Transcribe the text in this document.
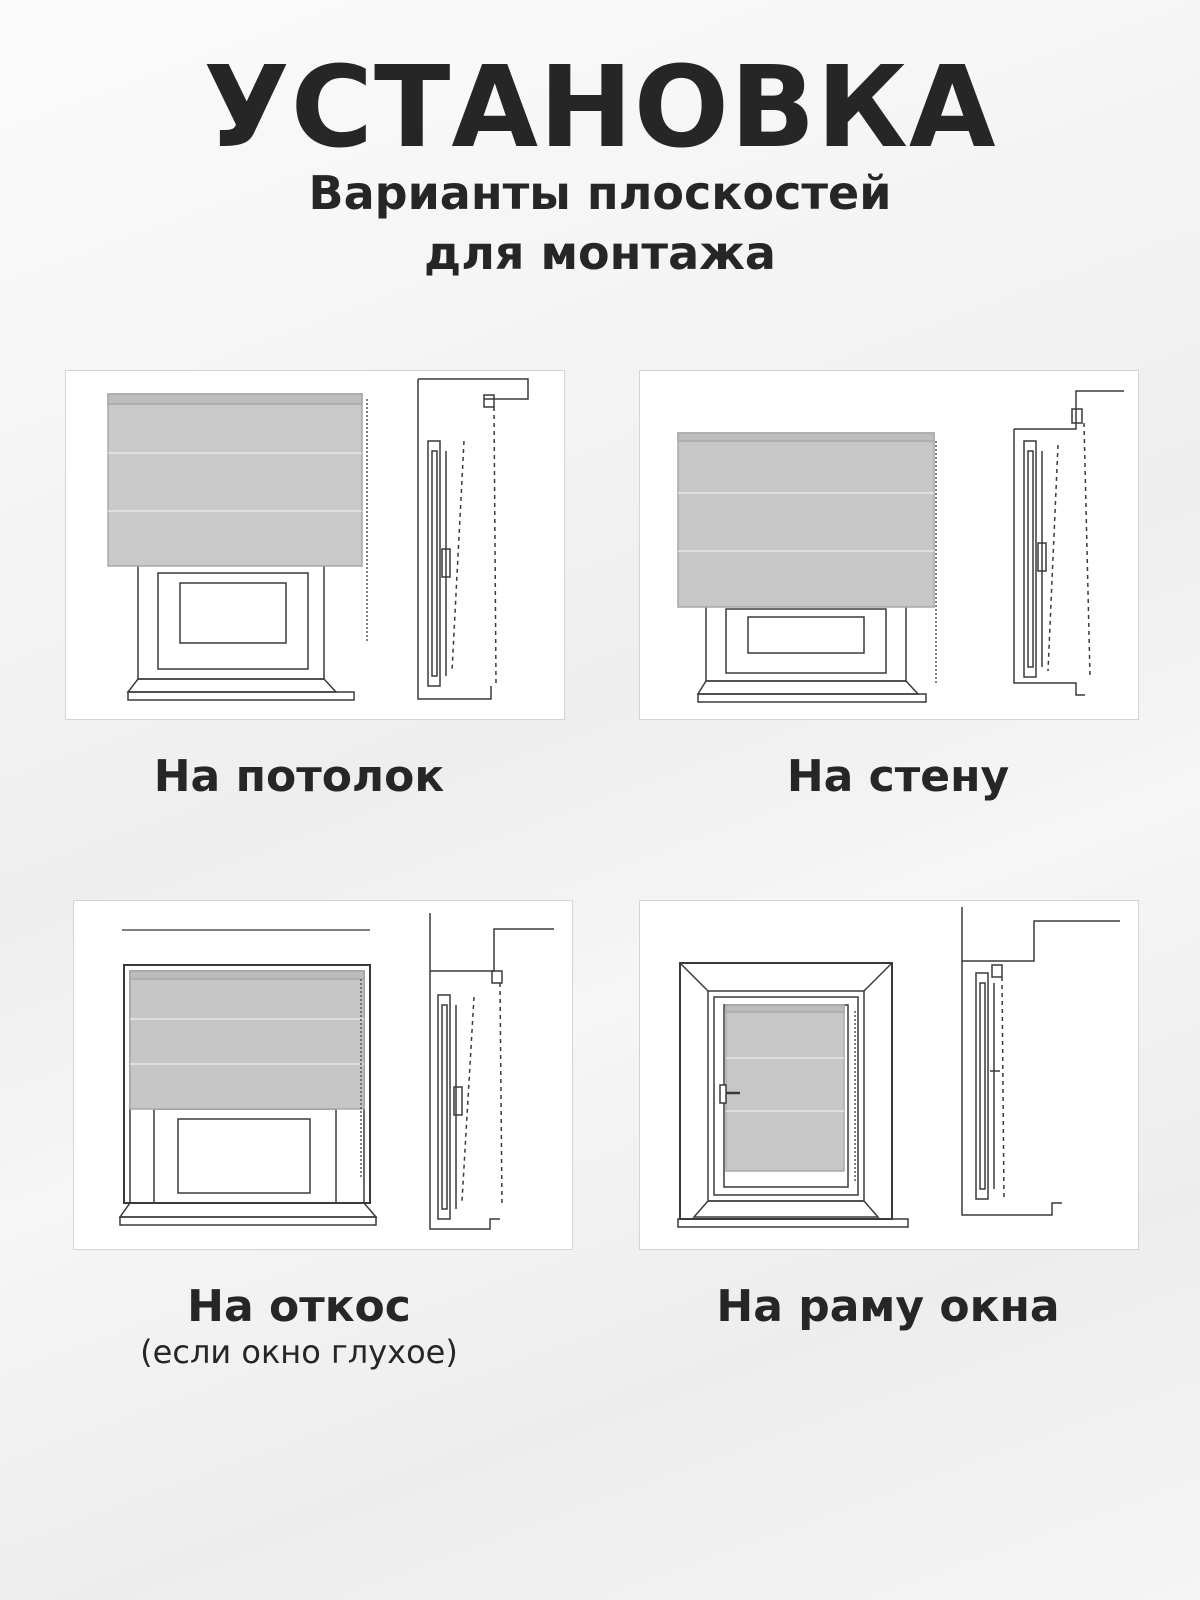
УСТАНОВКА
Варианты плоскостей
для монтажа
На потолок	На стену
На откос
(если окно глухое)
На раму окна
